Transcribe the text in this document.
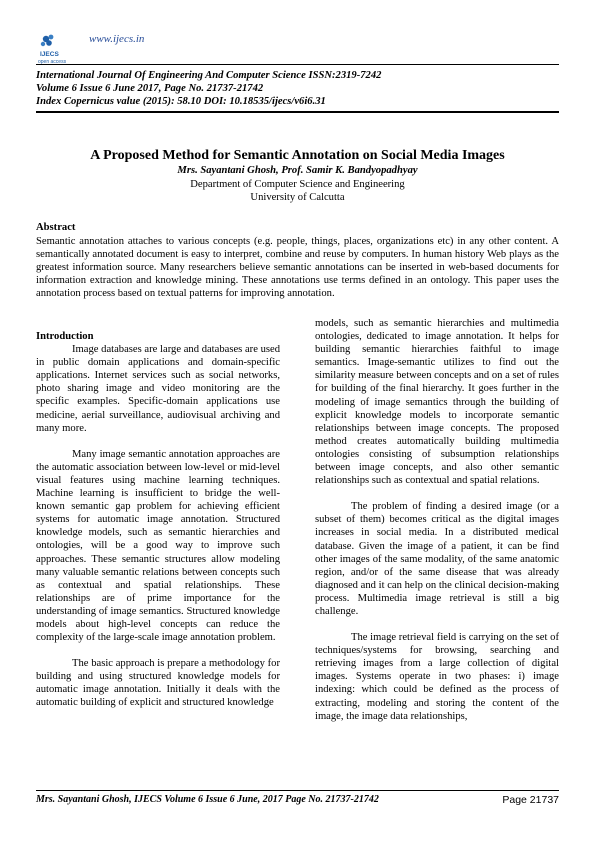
IJECS
open access
www.ijecs.in
International Journal Of Engineering And Computer Science ISSN:2319-7242
Volume 6 Issue 6 June 2017, Page No. 21737-21742
Index Copernicus value (2015): 58.10 DOI: 10.18535/ijecs/v6i6.31
A Proposed Method for Semantic Annotation on Social Media Images
Mrs. Sayantani Ghosh, Prof. Samir K. Bandyopadhyay
Department of Computer Science and Engineering
University of Calcutta
Abstract
Semantic annotation attaches to various concepts (e.g. people, things, places, organizations etc) in any other content. A semantically annotated document is easy to interpret, combine and reuse by computers. In human history Web plays as the greatest information source. Many researchers believe semantic annotations can be inserted in web-based documents for information extraction and knowledge mining. These annotations use terms defined in an ontology. This paper uses the annotation process based on textual patterns for improving annotation.

Introduction

Image databases are large and databases are used in public domain applications and domain-specific applications. Internet services such as social networks, photo sharing image and video monitoring are the specific examples. Specific-domain applications use medicine, aerial surveillance, audiovisual archiving and many more.

Many image semantic annotation approaches are the automatic association between low-level or mid-level visual features using machine learning techniques. Machine learning is insufficient to bridge the well-known semantic gap problem for achieving efficient systems for automatic image annotation. Structured knowledge models, such as semantic hierarchies and ontologies, will be a good way to improve such approaches. These semantic structures allow modeling many valuable semantic relations between concepts such as contextual and spatial relationships. These relationships are of prime importance for the understanding of image semantics. Structured knowledge models about high-level concepts can reduce the complexity of the large-scale image annotation problem.

The basic approach is prepare a methodology for building and using structured knowledge models for automatic image annotation. Initially it deals with the automatic building of explicit and structured knowledge

models, such as semantic hierarchies and multimedia ontologies, dedicated to image annotation. It helps for building semantic hierarchies faithful to image semantics. Image-semantic utilizes to find out the similarity measure between concepts and on a set of rules for building of the final hierarchy. It goes further in the modeling of image semantics through the building of explicit knowledge models to incorporate semantic relationships between image concepts. The proposed method creates automatically building multimedia ontologies consisting of subsumption relationships between image concepts, and also other semantic relationships such as contextual and spatial relations.

The problem of finding a desired image (or a subset of them) becomes critical as the digital images increases in social media. In a distributed medical database. Given the image of a patient, it can be find other images of the same modality, of the same anatomic region, and/or of the same disease that was already diagnosed and it can help on the clinical decision-making process. Multimedia image retrieval is still a big challenge.

The image retrieval field is carrying on the set of techniques/systems for browsing, searching and retrieving images from a large collection of digital images. Systems operate in two phases: i) image indexing: which could be defined as the process of extracting, modeling and storing the content of the image, the image data relationships,

Mrs. Sayantani Ghosh, IJECS Volume 6 Issue 6 June, 2017 Page No. 21737-21742	Page 21737
